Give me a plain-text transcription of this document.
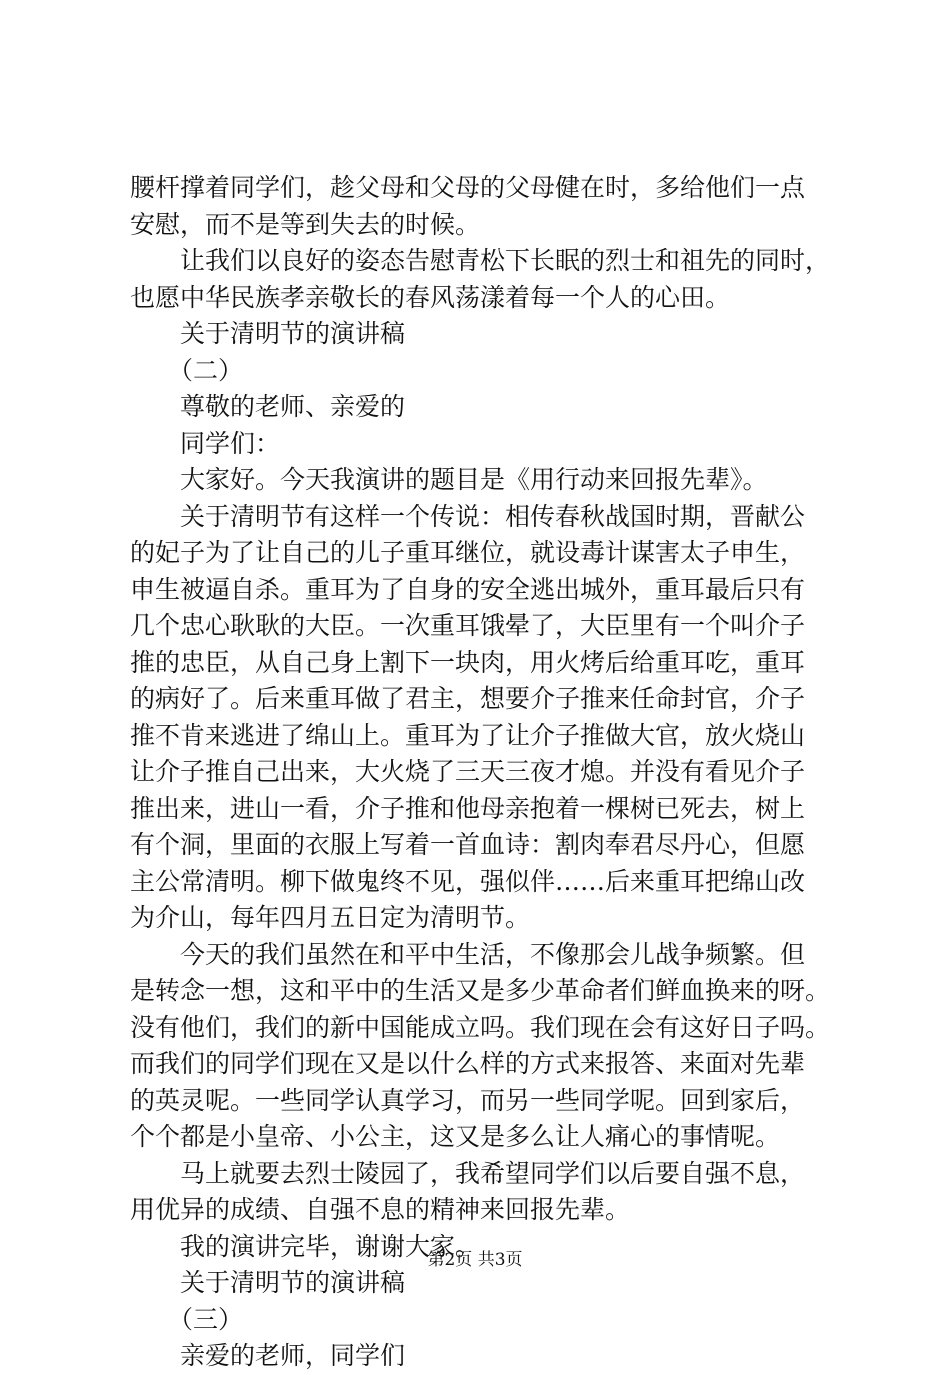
腰杆撑着同学们，趁父母和父母的父母健在时，多给他们一点
安慰，而不是等到失去的时候。
让我们以良好的姿态告慰青松下长眠的烈士和祖先的同时，
也愿中华民族孝亲敬长的春风荡漾着每一个人的心田。
关于清明节的演讲稿
（二）
尊敬的老师、亲爱的
同学们：
大家好。今天我演讲的题目是《用行动来回报先辈》。
关于清明节有这样一个传说：相传春秋战国时期，晋献公
的妃子为了让自己的儿子重耳继位，就设毒计谋害太子申生，
申生被逼自杀。重耳为了自身的安全逃出城外，重耳最后只有
几个忠心耿耿的大臣。一次重耳饿晕了，大臣里有一个叫介子
推的忠臣，从自己身上割下一块肉，用火烤后给重耳吃，重耳
的病好了。后来重耳做了君主，想要介子推来任命封官，介子
推不肯来逃进了绵山上。重耳为了让介子推做大官，放火烧山
让介子推自己出来，大火烧了三天三夜才熄。并没有看见介子
推出来，进山一看，介子推和他母亲抱着一棵树已死去，树上
有个洞，里面的衣服上写着一首血诗：割肉奉君尽丹心，但愿
主公常清明。柳下做鬼终不见，强似伴……后来重耳把绵山改
为介山，每年四月五日定为清明节。
今天的我们虽然在和平中生活，不像那会儿战争频繁。但
是转念一想，这和平中的生活又是多少革命者们鲜血换来的呀。
没有他们，我们的新中国能成立吗。我们现在会有这好日子吗。
而我们的同学们现在又是以什么样的方式来报答、来面对先辈
的英灵呢。一些同学认真学习，而另一些同学呢。回到家后，
个个都是小皇帝、小公主，这又是多么让人痛心的事情呢。
马上就要去烈士陵园了，我希望同学们以后要自强不息，
用优异的成绩、自强不息的精神来回报先辈。
我的演讲完毕，谢谢大家。
关于清明节的演讲稿
（三）
亲爱的老师，同学们
第2页 共3页
